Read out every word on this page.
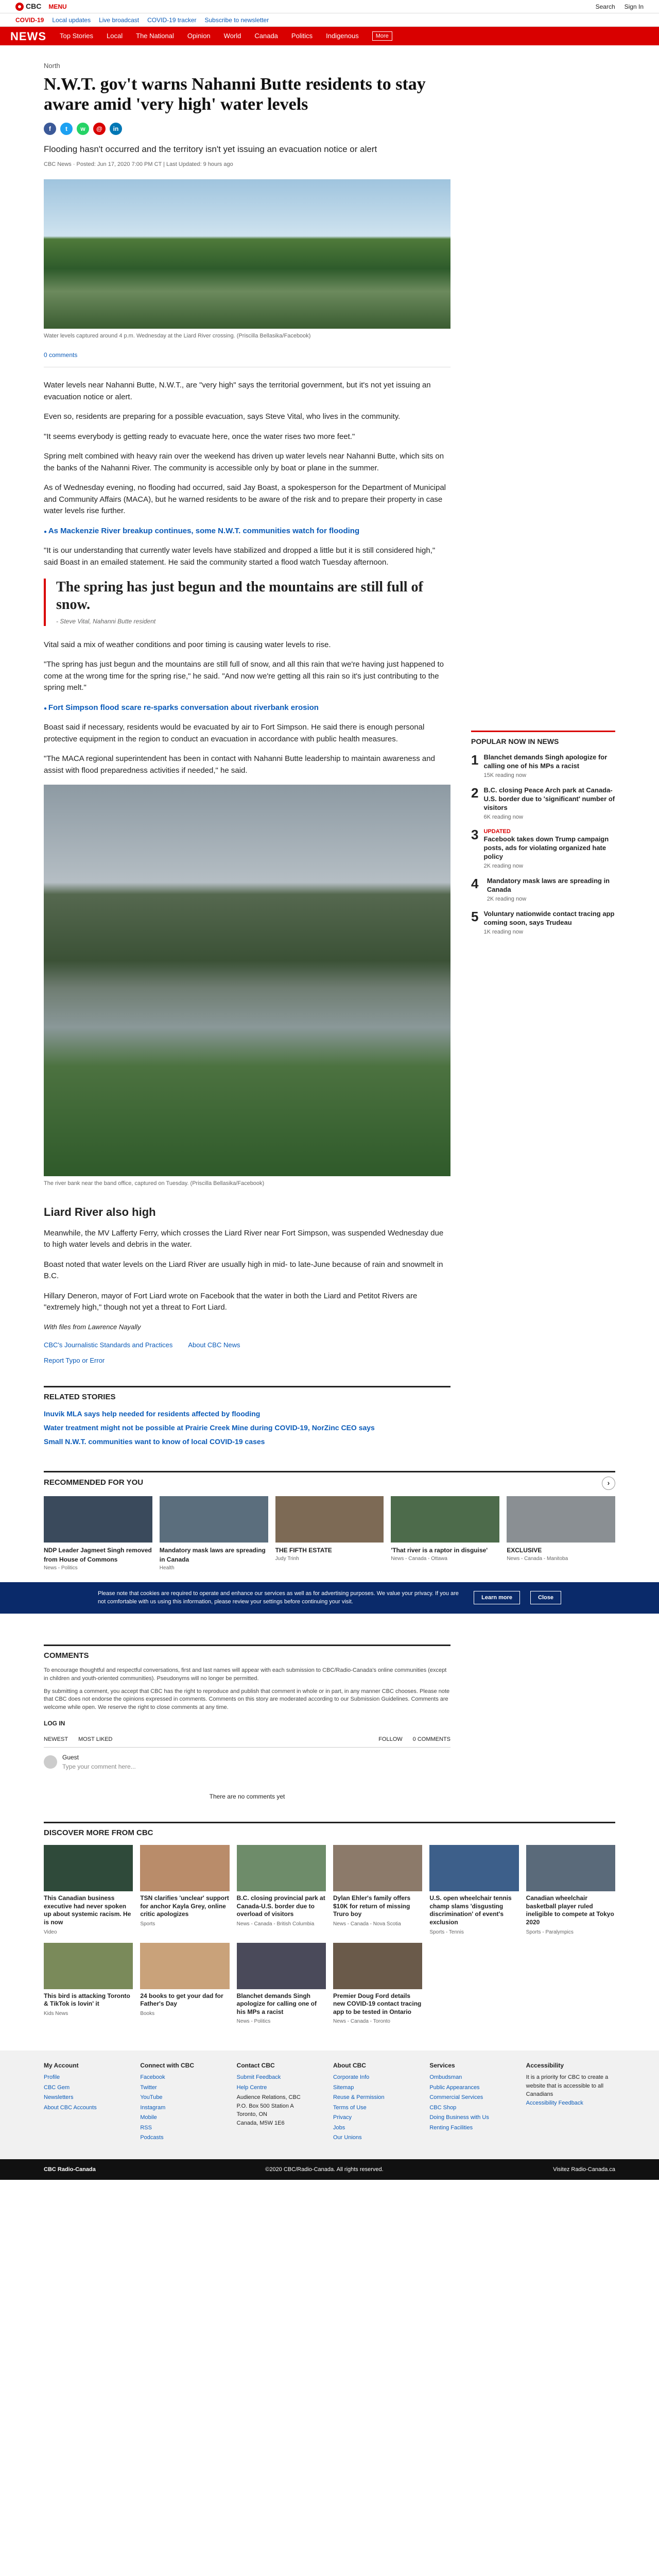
CBC MENU	Search Sign In
COVID-19 Local updates Live broadcast COVID-19 tracker Subscribe to newsletter
NEWS Top Stories Local The National Opinion World Canada Politics Indigenous	More
North
N.W.T. gov't warns Nahanni Butte residents to stay aware amid 'very high' water levels
f	t	w	@	in
Flooding hasn't occurred and the territory isn't yet issuing an evacuation notice or alert
CBC News · Posted: Jun 17, 2020 7:00 PM CT | Last Updated: 9 hours ago
Water levels captured around 4 p.m. Wednesday at the Liard River crossing. (Priscilla Bellasika/Facebook)
0 comments

Water levels near Nahanni Butte, N.W.T., are "very high" says the territorial government, but it's not yet issuing an evacuation notice or alert.

Even so, residents are preparing for a possible evacuation, says Steve Vital, who lives in the community.

"It seems everybody is getting ready to evacuate here, once the water rises two more feet."

Spring melt combined with heavy rain over the weekend has driven up water levels near Nahanni Butte, which sits on the banks of the Nahanni River. The community is accessible only by boat or plane in the summer.

As of Wednesday evening, no flooding had occurred, said Jay Boast, a spokesperson for the Department of Municipal and Community Affairs (MACA), but he warned residents to be aware of the risk and to prepare their property in case water levels rise further.

● As Mackenzie River breakup continues, some N.W.T. communities watch for flooding

"It is our understanding that currently water levels have stabilized and dropped a little but it is still considered high," said Boast in an emailed statement. He said the community started a flood watch Tuesday afternoon.

The spring has just begun and the mountains are still full of snow.
- Steve Vital, Nahanni Butte resident

Vital said a mix of weather conditions and poor timing is causing water levels to rise.

"The spring has just begun and the mountains are still full of snow, and all this rain that we're having just happened to come at the wrong time for the spring rise," he said. "And now we're getting all this rain so it's just contributing to the spring melt."

● Fort Simpson flood scare re-sparks conversation about riverbank erosion

Boast said if necessary, residents would be evacuated by air to Fort Simpson. He said there is enough personal protective equipment in the region to conduct an evacuation in accordance with public health measures.

"The MACA regional superintendent has been in contact with Nahanni Butte leadership to maintain awareness and assist with flood preparedness activities if needed," he said.

The river bank near the band office, captured on Tuesday. (Priscilla Bellasika/Facebook)
Liard River also high

Meanwhile, the MV Lafferty Ferry, which crosses the Liard River near Fort Simpson, was suspended Wednesday due to high water levels and debris in the water.

Boast noted that water levels on the Liard River are usually high in mid- to late-June because of rain and snowmelt in B.C.

Hillary Deneron, mayor of Fort Liard wrote on Facebook that the water in both the Liard and Petitot Rivers are "extremely high," though not yet a threat to Fort Liard.

With files from Lawrence Nayally
CBC's Journalistic Standards and Practices About CBC News
Report Typo or Error
RELATED STORIES
Inuvik MLA says help needed for residents affected by flooding
Water treatment might not be possible at Prairie Creek Mine during COVID-19, NorZinc CEO says
Small N.W.T. communities want to know of local COVID-19 cases
POPULAR NOW IN NEWS
1 Blanchet demands Singh apologize for calling one of his MPs a racist
15K reading now
2 B.C. closing Peace Arch park at Canada-U.S. border due to 'significant' number of visitors
6K reading now
3 UPDATED
Facebook takes down Trump campaign posts, ads for violating organized hate policy
2K reading now
4	Mandatory mask laws are spreading in Canada
2K reading now
5 Voluntary nationwide contact tracing app coming soon, says Trudeau
1K reading now
RECOMMENDED FOR YOU	›
NDP Leader Jagmeet Singh removed from House of Commons
News - Politics
Mandatory mask laws are spreading in Canada
Health
THE FIFTH ESTATE
Judy Trinh
'That river is a raptor in disguise'
News - Canada - Ottawa
EXCLUSIVE
News - Canada - Manitoba
Please note that cookies are required to operate and enhance our services as well as for advertising purposes. We value your privacy. If you are not comfortable with us using this information, please review your settings before continuing your visit.
Learn more	Close
COMMENTS
To encourage thoughtful and respectful conversations, first and last names will appear with each submission to CBC/Radio-Canada's online communities (except in children and youth-oriented communities). Pseudonyms will no longer be permitted.
By submitting a comment, you accept that CBC has the right to reproduce and publish that comment in whole or in part, in any manner CBC chooses. Please note that CBC does not endorse the opinions expressed in comments. Comments on this story are moderated according to our Submission Guidelines. Comments are welcome while open. We reserve the right to close comments at any time.
LOG IN
NEWEST MOST LIKED	FOLLOW 0 COMMENTS
Guest
Type your comment here...
There are no comments yet
DISCOVER MORE FROM CBC
This Canadian business executive had never spoken up about systemic racism. He is now
Video
TSN clarifies 'unclear' support for anchor Kayla Grey, online critic apologizes
Sports
B.C. closing provincial park at Canada-U.S. border due to overload of visitors
News - Canada - British Columbia
Dylan Ehler's family offers $10K for return of missing Truro boy
News - Canada - Nova Scotia
U.S. open wheelchair tennis champ slams 'disgusting discrimination' of event's exclusion
Sports - Tennis
Canadian wheelchair basketball player ruled ineligible to compete at Tokyo 2020
Sports - Paralympics
This bird is attacking Toronto & TikTok is lovin' it
Kids News
24 books to get your dad for Father's Day
Books
Blanchet demands Singh apologize for calling one of his MPs a racist
News - Politics
Premier Doug Ford details new COVID-19 contact tracing app to be tested in Ontario
News - Canada - Toronto
My Account
Profile
CBC Gem
Newsletters
About CBC Accounts
Connect with CBC
Facebook
Twitter
YouTube
Instagram
Mobile
RSS
Podcasts
Contact CBC
Submit Feedback
Help Centre
Audience Relations, CBC
P.O. Box 500 Station A
Toronto, ON
Canada, M5W 1E6
About CBC
Corporate Info
Sitemap
Reuse & Permission
Terms of Use
Privacy
Jobs
Our Unions
Services
Ombudsman
Public Appearances
Commercial Services
CBC Shop
Doing Business with Us
Renting Facilities
Accessibility
It is a priority for CBC to create a website that is accessible to all Canadians
Accessibility Feedback
CBC Radio-Canada	©2020 CBC/Radio-Canada. All rights reserved.	Visitez Radio-Canada.ca
